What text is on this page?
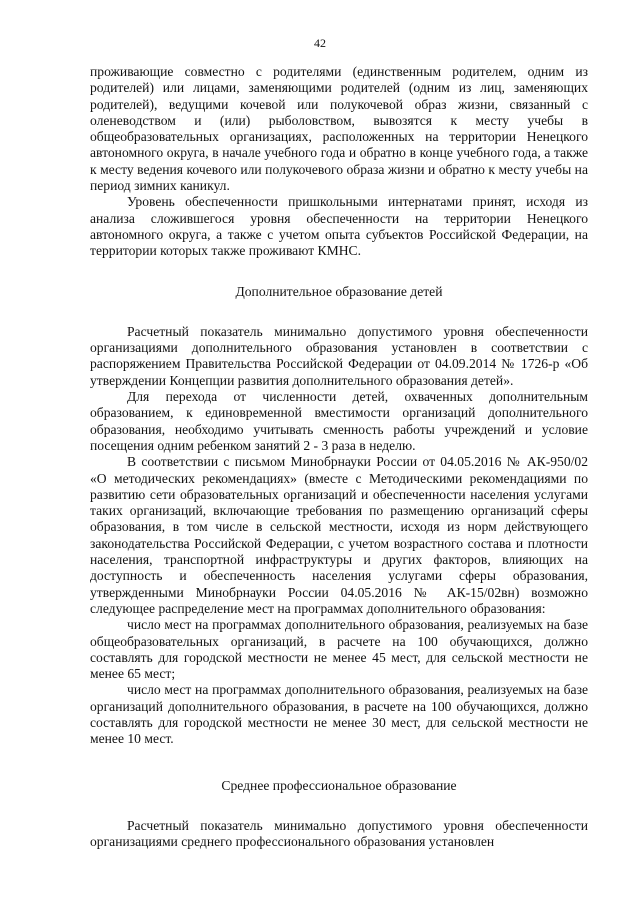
42

проживающие совместно с родителями (единственным родителем, одним из родителей) или лицами, заменяющими родителей (одним из лиц, заменяющих родителей), ведущими кочевой или полукочевой образ жизни, связанный с оленеводством и (или) рыболовством, вывозятся к месту учебы в общеобразовательных организациях, расположенных на территории Ненецкого автономного округа, в начале учебного года и обратно в конце учебного года, а также к месту ведения кочевого или полукочевого образа жизни и обратно к месту учебы на период зимних каникул.

Уровень обеспеченности пришкольными интернатами принят, исходя из анализа сложившегося уровня обеспеченности на территории Ненецкого автономного округа, а также с учетом опыта субъектов Российской Федерации, на территории которых также проживают КМНС.

Дополнительное образование детей

Расчетный показатель минимально допустимого уровня обеспеченности организациями дополнительного образования установлен в соответствии с распоряжением Правительства Российской Федерации от 04.09.2014 № 1726-р «Об утверждении Концепции развития дополнительного образования детей».

Для перехода от численности детей, охваченных дополнительным образованием, к единовременной вместимости организаций дополнительного образования, необходимо учитывать сменность работы учреждений и условие посещения одним ребенком занятий 2 - 3 раза в неделю.

В соответствии с письмом Минобрнауки России от 04.05.2016 № АК-950/02 «О методических рекомендациях» (вместе с Методическими рекомендациями по развитию сети образовательных организаций и обеспеченности населения услугами таких организаций, включающие требования по размещению организаций сферы образования, в том числе в сельской местности, исходя из норм действующего законодательства Российской Федерации, с учетом возрастного состава и плотности населения, транспортной инфраструктуры и других факторов, влияющих на доступность и обеспеченность населения услугами сферы образования, утвержденными Минобрнауки России 04.05.2016 № АК-15/02вн) возможно следующее распределение мест на программах дополнительного образования:

число мест на программах дополнительного образования, реализуемых на базе общеобразовательных организаций, в расчете на 100 обучающихся, должно составлять для городской местности не менее 45 мест, для сельской местности не менее 65 мест;

число мест на программах дополнительного образования, реализуемых на базе организаций дополнительного образования, в расчете на 100 обучающихся, должно составлять для городской местности не менее 30 мест, для сельской местности не менее 10 мест.

Среднее профессиональное образование

Расчетный показатель минимально допустимого уровня обеспеченности организациями среднего профессионального образования установлен
